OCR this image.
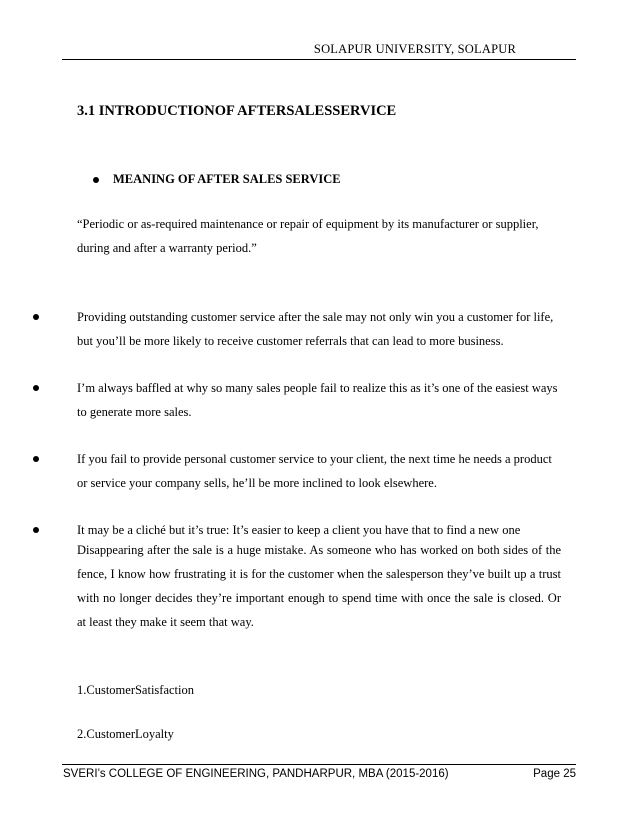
SOLAPUR UNIVERSITY, SOLAPUR
3.1 INTRODUCTIONOF AFTERSALESSERVICE
MEANING OF AFTER SALES SERVICE
“Periodic or as-required maintenance or repair of equipment by its manufacturer or supplier,
during and after a warranty period.”
Providing outstanding customer service after the sale may not only win you a customer for life,
but you’ll be more likely to receive customer referrals that can lead to more business.
I’m always baffled at why so many sales people fail to realize this as it’s one of the easiest ways
to generate more sales.
If you fail to provide personal customer service to your client, the next time he needs a product
or service your company sells, he’ll be more inclined to look elsewhere.
It may be a cliché but it’s true: It’s easier to keep a client you have that to find a new one
Disappearing after the sale is a huge mistake. As someone who has worked on both sides of the fence, I know how frustrating it is for the customer when the salesperson they’ve built up a trust with no longer decides they’re important enough to spend time with once the sale is closed. Or at least they make it seem that way.
1.CustomerSatisfaction
2.CustomerLoyalty
SVERI’s COLLEGE OF ENGINEERING, PANDHARPUR, MBA (2015-2016)	Page 25
